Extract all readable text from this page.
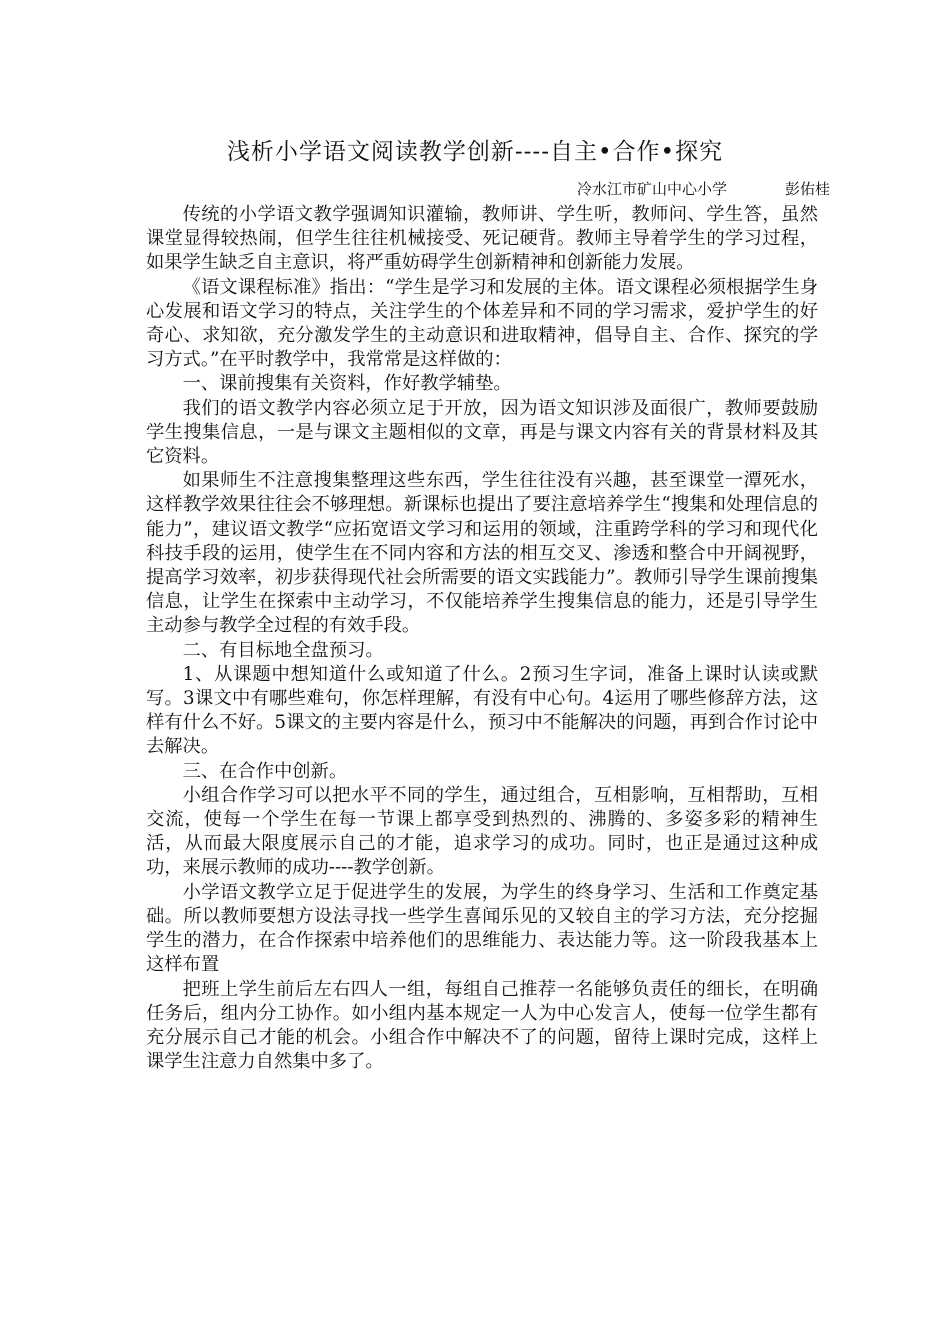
浅析小学语文阅读教学创新----自主•合作•探究
冷水江市矿山中心小学	彭佑桂

传统的小学语文教学强调知识灌输，教师讲、学生听，教师问、学生答，虽然课堂显得较热闹，但学生往往机械接受、死记硬背。教师主导着学生的学习过程，如果学生缺乏自主意识，将严重妨碍学生创新精神和创新能力发展。

《语文课程标准》指出：“学生是学习和发展的主体。语文课程必须根据学生身心发展和语文学习的特点，关注学生的个体差异和不同的学习需求，爱护学生的好奇心、求知欲，充分激发学生的主动意识和进取精神，倡导自主、合作、探究的学习方式。”在平时教学中，我常常是这样做的：

一、课前搜集有关资料，作好教学辅垫。

我们的语文教学内容必须立足于开放，因为语文知识涉及面很广，教师要鼓励学生搜集信息，一是与课文主题相似的文章，再是与课文内容有关的背景材料及其它资料。

如果师生不注意搜集整理这些东西，学生往往没有兴趣，甚至课堂一潭死水，这样教学效果往往会不够理想。新课标也提出了要注意培养学生“搜集和处理信息的能力”，建议语文教学“应拓宽语文学习和运用的领域，注重跨学科的学习和现代化科技手段的运用，使学生在不同内容和方法的相互交叉、渗透和整合中开阔视野，提高学习效率，初步获得现代社会所需要的语文实践能力”。教师引导学生课前搜集信息，让学生在探索中主动学习，不仅能培养学生搜集信息的能力，还是引导学生主动参与教学全过程的有效手段。

二、有目标地全盘预习。

1、从课题中想知道什么或知道了什么。2预习生字词，准备上课时认读或默写。3课文中有哪些难句，你怎样理解，有没有中心句。4运用了哪些修辞方法，这样有什么不好。5课文的主要内容是什么，预习中不能解决的问题，再到合作讨论中去解决。

三、在合作中创新。

小组合作学习可以把水平不同的学生，通过组合，互相影响，互相帮助，互相交流，使每一个学生在每一节课上都享受到热烈的、沸腾的、多姿多彩的精神生活，从而最大限度展示自己的才能，追求学习的成功。同时，也正是通过这种成功，来展示教师的成功----教学创新。

小学语文教学立足于促进学生的发展，为学生的终身学习、生活和工作奠定基础。所以教师要想方设法寻找一些学生喜闻乐见的又较自主的学习方法，充分挖掘学生的潜力，在合作探索中培养他们的思维能力、表达能力等。这一阶段我基本上这样布置

把班上学生前后左右四人一组，每组自己推荐一名能够负责任的细长，在明确任务后，组内分工协作。如小组内基本规定一人为中心发言人，使每一位学生都有充分展示自己才能的机会。小组合作中解决不了的问题，留待上课时完成，这样上课学生注意力自然集中多了。
